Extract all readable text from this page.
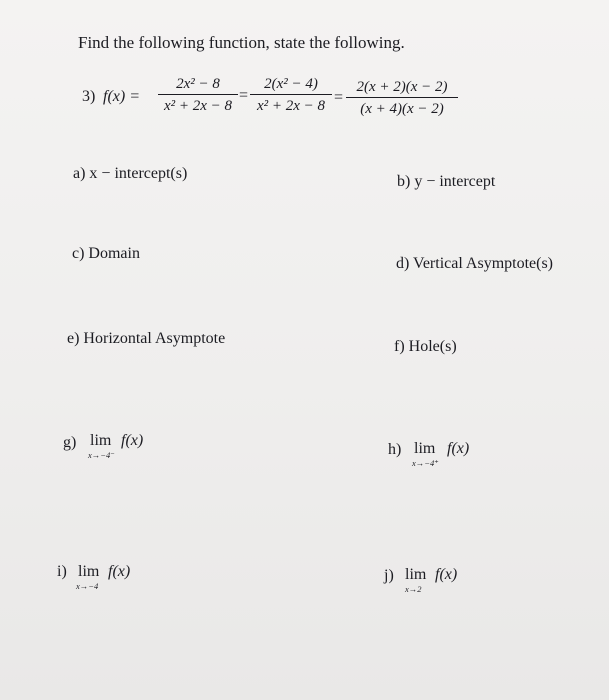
Find the following function, state the following.
3) f(x) =
2x² − 8
x² + 2x − 8
=
2(x² − 4)
x² + 2x − 8 =
2(x + 2)(x − 2)
(x + 4)(x − 2)
a) x − intercept(s)	b) y − intercept
c) Domain
d) Vertical Asymptote(s)
e) Horizontal Asymptote	f) Hole(s)
g) lim
x→−4⁻
f(x)
h) lim
x→−4⁺
f(x)
i) lim
x→−4
f(x)	j) lim
x→2
f(x)
